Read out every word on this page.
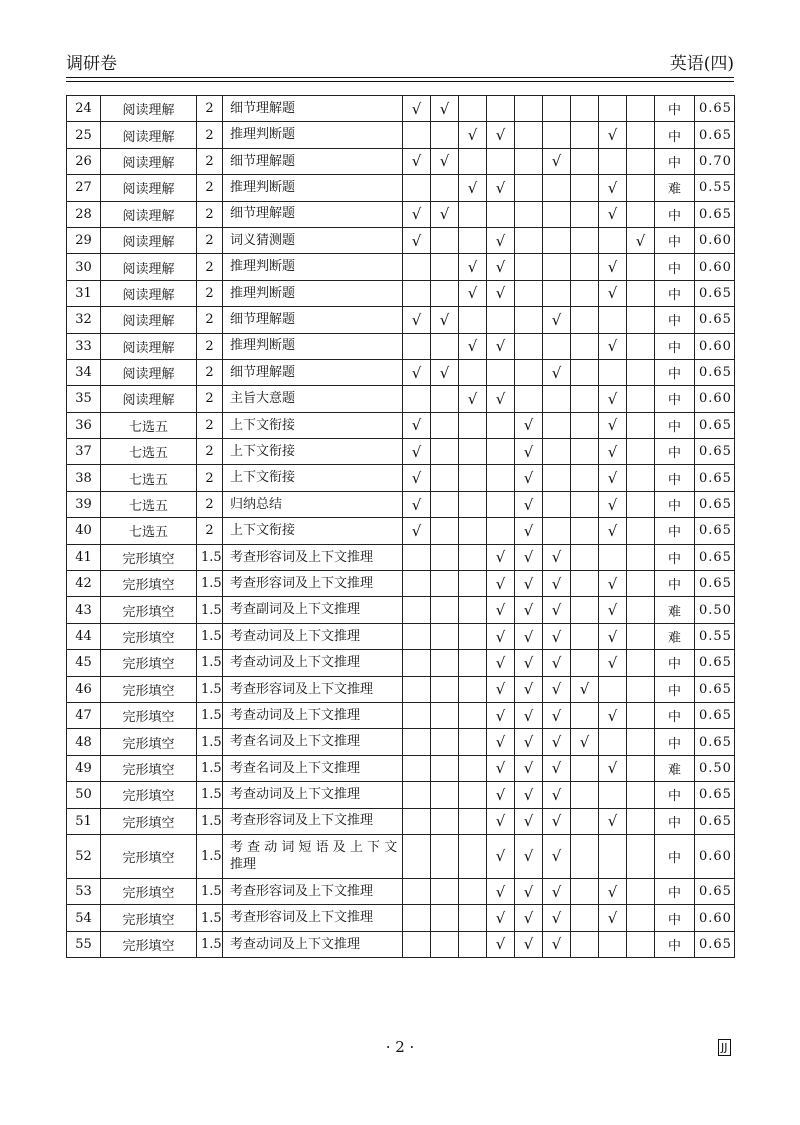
调研卷	英语(四)
24	阅读理解	2	细节理解题	√	√								中	0.65
25	阅读理解	2	推理判断题			√	√				√		中	0.65
26	阅读理解	2	细节理解题	√	√				√				中	0.70
27	阅读理解	2	推理判断题			√	√				√		难	0.55
28	阅读理解	2	细节理解题	√	√						√		中	0.65
29	阅读理解	2	词义猜测题	√			√					√	中	0.60
30	阅读理解	2	推理判断题			√	√				√		中	0.60
31	阅读理解	2	推理判断题			√	√				√		中	0.65
32	阅读理解	2	细节理解题	√	√				√				中	0.65
33	阅读理解	2	推理判断题			√	√				√		中	0.60
34	阅读理解	2	细节理解题	√	√				√				中	0.65
35	阅读理解	2	主旨大意题			√	√				√		中	0.60
36	七选五	2	上下文衔接	√				√			√		中	0.65
37	七选五	2	上下文衔接	√				√			√		中	0.65
38	七选五	2	上下文衔接	√				√			√		中	0.65
39	七选五	2	归纳总结	√				√			√		中	0.65
40	七选五	2	上下文衔接	√				√			√		中	0.65
41	完形填空	1.5	考查形容词及上下文推理				√	√	√				中	0.65
42	完形填空	1.5	考查形容词及上下文推理				√	√	√		√		中	0.65
43	完形填空	1.5	考查副词及上下文推理				√	√	√		√		难	0.50
44	完形填空	1.5	考查动词及上下文推理				√	√	√		√		难	0.55
45	完形填空	1.5	考查动词及上下文推理				√	√	√		√		中	0.65
46	完形填空	1.5	考查形容词及上下文推理				√	√	√	√			中	0.65
47	完形填空	1.5	考查动词及上下文推理				√	√	√		√		中	0.65
48	完形填空	1.5	考查名词及上下文推理				√	√	√	√			中	0.65
49	完形填空	1.5	考查名词及上下文推理				√	√	√		√		难	0.50
50	完形填空	1.5	考查动词及上下文推理				√	√	√				中	0.65
51	完形填空	1.5	考查形容词及上下文推理				√	√	√		√		中	0.65
52	完形填空	1.5	考 查 动 词 短 语 及 上 下 文 推理				√	√	√				中	0.60
53	完形填空	1.5	考查形容词及上下文推理				√	√	√		√		中	0.65
54	完形填空	1.5	考查形容词及上下文推理				√	√	√		√		中	0.60
55	完形填空	1.5	考查动词及上下文推理				√	√	√				中	0.65
· 2 ·	JJ
